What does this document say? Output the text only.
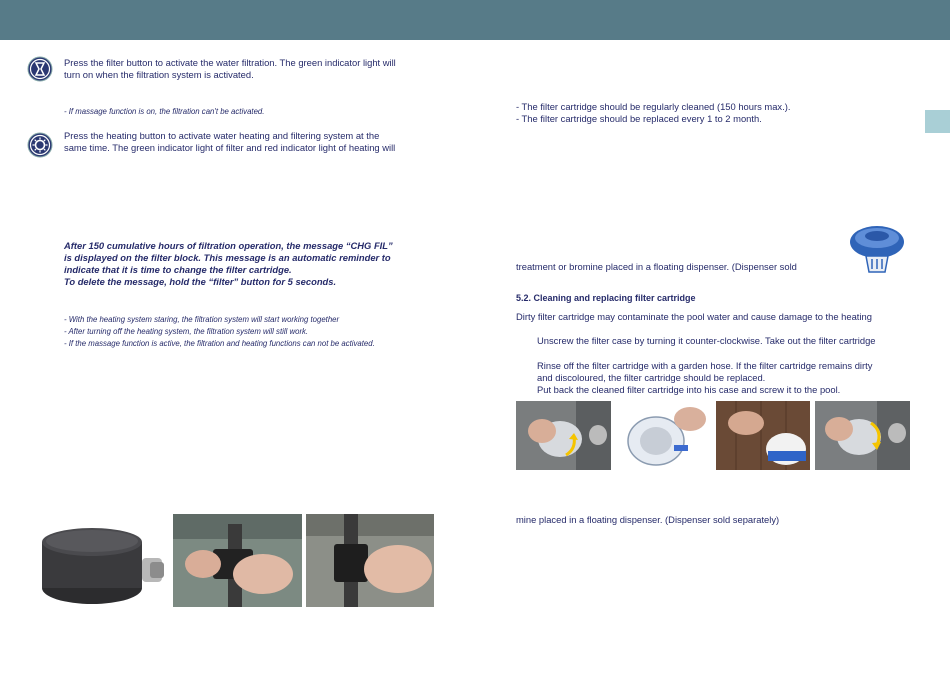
Press the filter button to activate the water filtration. The green indicator light will
turn on when the filtration system is activated.
- If massage function is on, the filtration can't be activated.
Press the heating button to activate water heating and filtering system at the
same time. The green indicator light of filter and red indicator light of heating will
After 150 cumulative hours of filtration operation, the message “CHG FIL”
is displayed on the filter block. This message is an automatic reminder to
indicate that it is time to change the filter cartridge.
To delete the message, hold the “filter” button for 5 seconds.
- With the heating system staring, the filtration system will start working together
- After turning off the heating system, the filtration system will still work.
- If the massage function is active, the filtration and heating functions can not be activated.
- The filter cartridge should be regularly cleaned (150 hours max.).
- The filter cartridge should be replaced every 1 to 2 month.
treatment or bromine placed in a floating dispenser. (Dispenser sold
5.2. Cleaning and replacing filter cartridge
Dirty filter cartridge may contaminate the pool water and cause damage to the heating
Unscrew the filter case by turning it counter-clockwise. Take out the filter cartridge
Rinse off the filter cartridge with a garden hose. If the filter cartridge remains dirty
and discoloured, the filter cartridge should be replaced.
Put back the cleaned filter cartridge into his case and screw it to the pool.
mine placed in a floating dispenser. (Dispenser sold separately)
